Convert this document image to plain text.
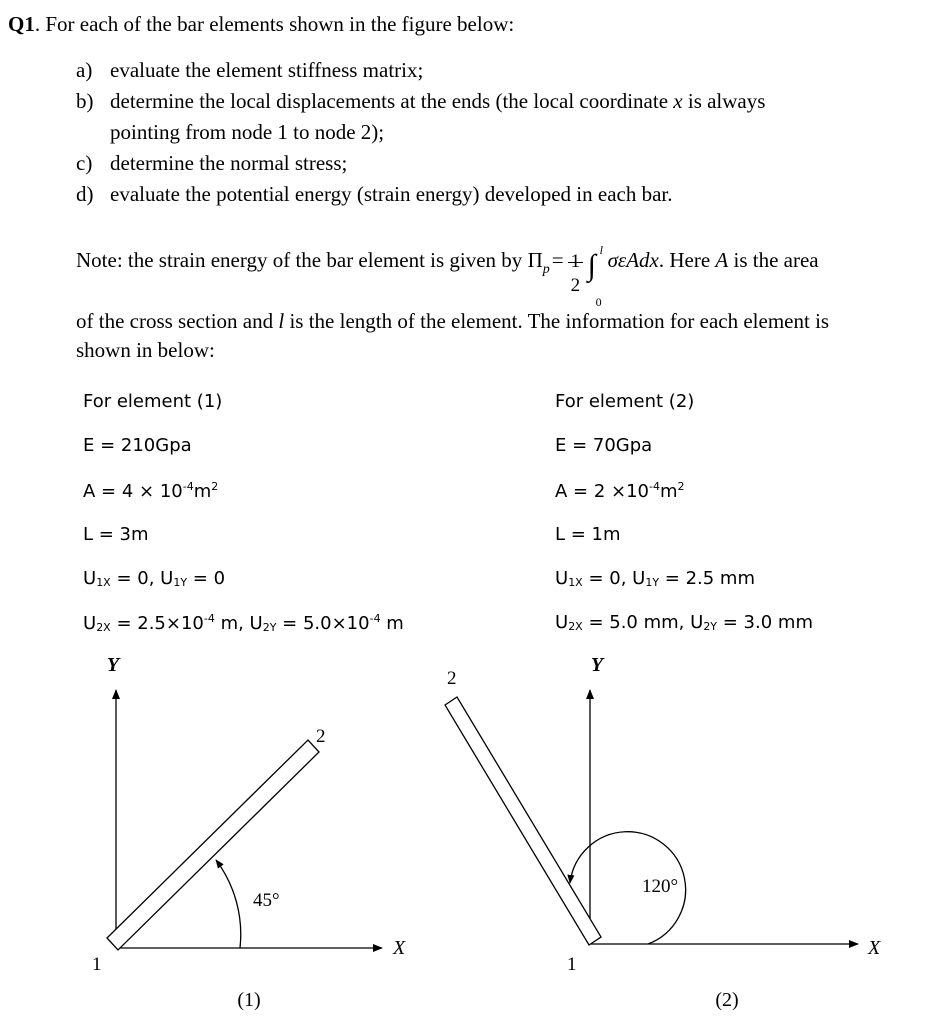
Q1. For each of the bar elements shown in the figure below:
a) evaluate the element stiffness matrix;
b) determine the local displacements at the ends (the local coordinate x is always
pointing from node 1 to node 2);
c) determine the normal stress;
d) evaluate the potential energy (strain energy) developed in each bar.
Note: the strain energy of the bar element is given by $\Pi_p= 1$
2
∫ l
0
σεAdx. Here A is the area
of the cross section and l is the length of the element. The information for each element is
shown in below:
For element (1)
E = 210Gpa
$A = 4 \times 10^{-4}m^2$
L = 3m
$U_{1X} = 0$, $U_{1Y} = 0$
$U_{2X} = 2.5\times 10^{-4}$ m, $U_{2Y} = 5.0\times 10^{-4}$ m
For element (2)
E = 70Gpa
$A = 2 \times 10^{-4}m^2$
L = 1m
$U_{1X} = 0$, $U_{1Y} = 2.5$ mm
$U_{2X} = 5.0$ mm, $U_{2Y} = 3.0$ mm
Y
X
1
2
45°
(1)
Y
X
1
2
120°
(2)
